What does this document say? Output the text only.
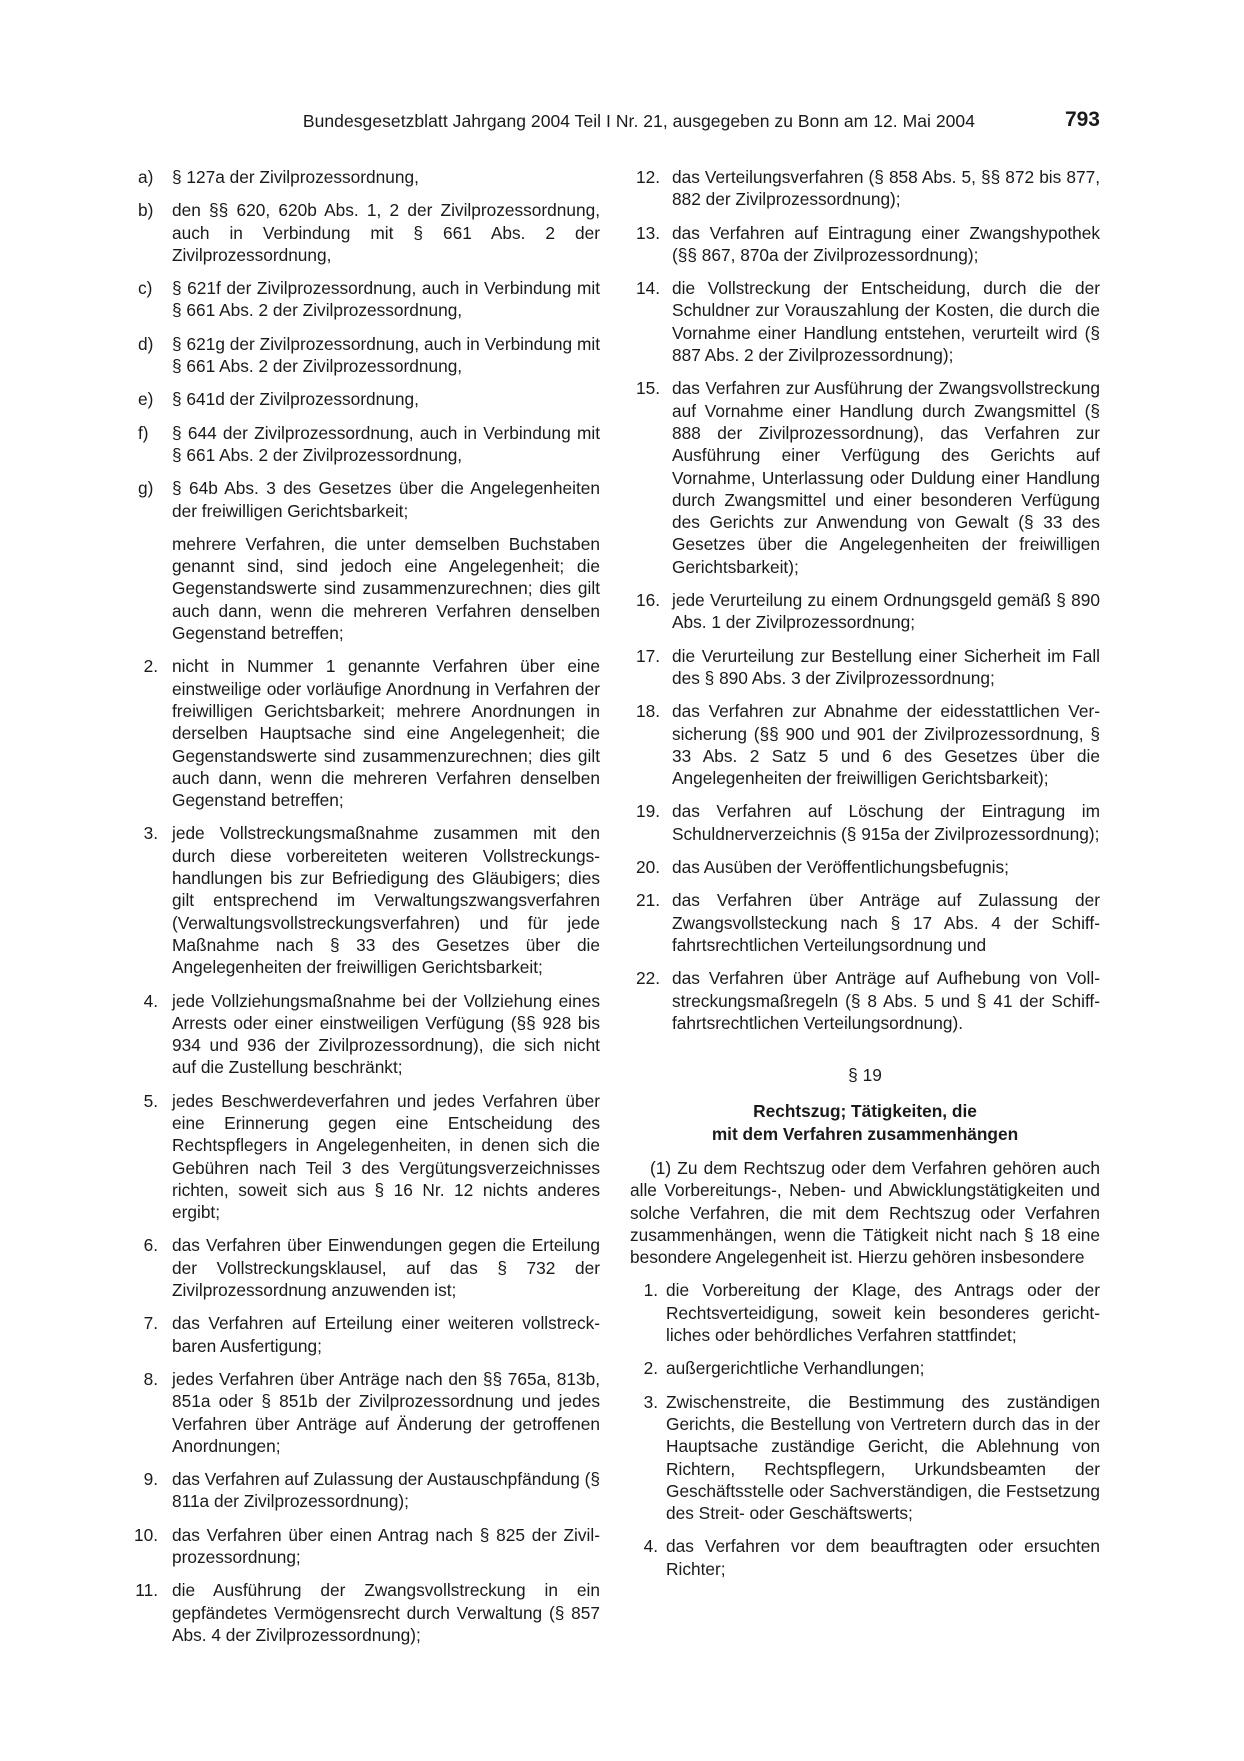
Bundesgesetzblatt Jahrgang 2004 Teil I Nr. 21, ausgegeben zu Bonn am 12. Mai 2004	793
a)	§ 127a der Zivilprozessordnung,
b)	den §§ 620, 620b Abs. 1, 2 der Zivilprozessordnung, auch in Verbindung mit § 661 Abs. 2 der Zivilprozessordnung,
c)	§ 621f der Zivilprozessordnung, auch in Verbindung mit § 661 Abs. 2 der Zivilprozessordnung,
d)	§ 621g der Zivilprozessordnung, auch in Verbindung mit § 661 Abs. 2 der Zivilprozessordnung,
e)	§ 641d der Zivilprozessordnung,
f)	§ 644 der Zivilprozessordnung, auch in Verbindung mit § 661 Abs. 2 der Zivilprozessordnung,
g)	§ 64b Abs. 3 des Gesetzes über die Angelegenheiten der freiwilligen Gerichtsbarkeit;
mehrere Verfahren, die unter demselben Buchstaben genannt sind, sind jedoch eine Angelegenheit; die Gegenstandswerte sind zusammenzurechnen; dies gilt auch dann, wenn die mehreren Verfahren denselben Gegenstand betreffen;
2. nicht in Nummer 1 genannte Verfahren über eine einstweilige oder vorläufige Anordnung in Verfahren der freiwilligen Gerichtsbarkeit; mehrere Anordnungen in derselben Hauptsache sind eine Angelegenheit; die Gegenstandswerte sind zusammenzurechnen; dies gilt auch dann, wenn die mehreren Verfahren denselben Gegenstand betreffen;
3. jede Vollstreckungsmaßnahme zusammen mit den durch diese vorbereiteten weiteren Vollstreckungshandlungen bis zur Befriedigung des Gläubigers; dies gilt entsprechend im Verwaltungszwangsverfahren (Verwaltungsvollstreckungsverfahren) und für jede Maßnahme nach § 33 des Gesetzes über die Angelegenheiten der freiwilligen Gerichtsbarkeit;
4. jede Vollziehungsmaßnahme bei der Vollziehung eines Arrests oder einer einstweiligen Verfügung (§§ 928 bis 934 und 936 der Zivilprozessordnung), die sich nicht auf die Zustellung beschränkt;
5. jedes Beschwerdeverfahren und jedes Verfahren über eine Erinnerung gegen eine Entscheidung des Rechtspflegers in Angelegenheiten, in denen sich die Gebühren nach Teil 3 des Vergütungsverzeichnisses richten, soweit sich aus § 16 Nr. 12 nichts anderes ergibt;
6. das Verfahren über Einwendungen gegen die Erteilung der Vollstreckungsklausel, auf das § 732 der Zivilprozessordnung anzuwenden ist;
7. das Verfahren auf Erteilung einer weiteren vollstreckbaren Ausfertigung;
8. jedes Verfahren über Anträge nach den §§ 765a, 813b, 851a oder § 851b der Zivilprozessordnung und jedes Verfahren über Anträge auf Änderung der getroffenen Anordnungen;
9. das Verfahren auf Zulassung der Austauschpfändung (§ 811a der Zivilprozessordnung);
10. das Verfahren über einen Antrag nach § 825 der Zivilprozessordnung;
11. die Ausführung der Zwangsvollstreckung in ein gepfändetes Vermögensrecht durch Verwaltung (§ 857 Abs. 4 der Zivilprozessordnung);
12. das Verteilungsverfahren (§ 858 Abs. 5, §§ 872 bis 877, 882 der Zivilprozessordnung);
13. das Verfahren auf Eintragung einer Zwangshypothek (§§ 867, 870a der Zivilprozessordnung);
14. die Vollstreckung der Entscheidung, durch die der Schuldner zur Vorauszahlung der Kosten, die durch die Vornahme einer Handlung entstehen, verurteilt wird (§ 887 Abs. 2 der Zivilprozessordnung);
15. das Verfahren zur Ausführung der Zwangsvollstreckung auf Vornahme einer Handlung durch Zwangsmittel (§ 888 der Zivilprozessordnung), das Verfahren zur Ausführung einer Verfügung des Gerichts auf Vornahme, Unterlassung oder Duldung einer Handlung durch Zwangsmittel und einer besonderen Verfügung des Gerichts zur Anwendung von Gewalt (§ 33 des Gesetzes über die Angelegenheiten der freiwilligen Gerichtsbarkeit);
16. jede Verurteilung zu einem Ordnungsgeld gemäß § 890 Abs. 1 der Zivilprozessordnung;
17. die Verurteilung zur Bestellung einer Sicherheit im Fall des § 890 Abs. 3 der Zivilprozessordnung;
18. das Verfahren zur Abnahme der eidesstattlichen Versicherung (§§ 900 und 901 der Zivilprozessordnung, § 33 Abs. 2 Satz 5 und 6 des Gesetzes über die Angelegenheiten der freiwilligen Gerichtsbarkeit);
19. das Verfahren auf Löschung der Eintragung im Schuldnerverzeichnis (§ 915a der Zivilprozessordnung);
20. das Ausüben der Veröffentlichungsbefugnis;
21. das Verfahren über Anträge auf Zulassung der Zwangsvollsteckung nach § 17 Abs. 4 der Schifffahrtsrechtlichen Verteilungsordnung und
22. das Verfahren über Anträge auf Aufhebung von Vollstreckungsmaßregeln (§ 8 Abs. 5 und § 41 der Schifffahrtsrechtlichen Verteilungsordnung).
§ 19
Rechtszug; Tätigkeiten, die
mit dem Verfahren zusammenhängen
(1) Zu dem Rechtszug oder dem Verfahren gehören auch alle Vorbereitungs-, Neben- und Abwicklungstätigkeiten und solche Verfahren, die mit dem Rechtszug oder Verfahren zusammenhängen, wenn die Tätigkeit nicht nach § 18 eine besondere Angelegenheit ist. Hierzu gehören insbesondere
1. die Vorbereitung der Klage, des Antrags oder der Rechtsverteidigung, soweit kein besonderes gerichtliches oder behördliches Verfahren stattfindet;
2. außergerichtliche Verhandlungen;
3. Zwischenstreite, die Bestimmung des zuständigen Gerichts, die Bestellung von Vertretern durch das in der Hauptsache zuständige Gericht, die Ablehnung von Richtern, Rechtspflegern, Urkundsbeamten der Geschäftsstelle oder Sachverständigen, die Festsetzung des Streit- oder Geschäftswerts;
4. das Verfahren vor dem beauftragten oder ersuchten Richter;
